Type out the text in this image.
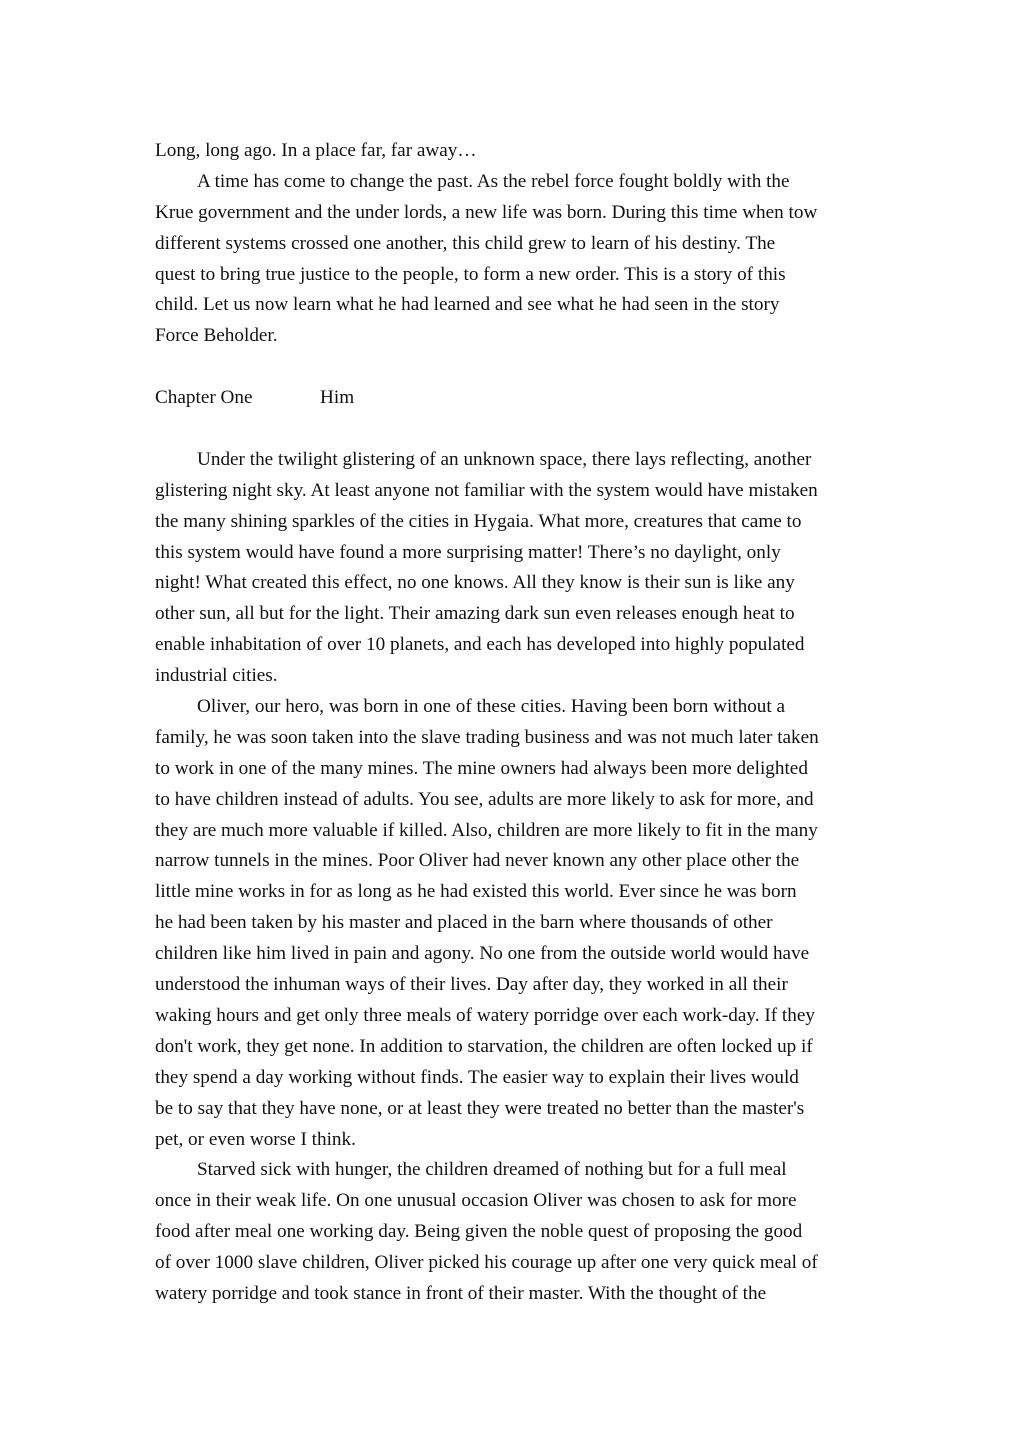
Long, long ago. In a place far, far away…
A time has come to change the past. As the rebel force fought boldly with the
Krue government and the under lords, a new life was born. During this time when tow
different systems crossed one another, this child grew to learn of his destiny. The
quest to bring true justice to the people, to form a new order. This is a story of this
child. Let us now learn what he had learned and see what he had seen in the story
Force Beholder.
Chapter One	Him
Under the twilight glistering of an unknown space, there lays reflecting, another
glistering night sky. At least anyone not familiar with the system would have mistaken
the many shining sparkles of the cities in Hygaia. What more, creatures that came to
this system would have found a more surprising matter! There’s no daylight, only
night! What created this effect, no one knows. All they know is their sun is like any
other sun, all but for the light. Their amazing dark sun even releases enough heat to
enable inhabitation of over 10 planets, and each has developed into highly populated
industrial cities.
Oliver, our hero, was born in one of these cities. Having been born without a
family, he was soon taken into the slave trading business and was not much later taken
to work in one of the many mines. The mine owners had always been more delighted
to have children instead of adults. You see, adults are more likely to ask for more, and
they are much more valuable if killed. Also, children are more likely to fit in the many
narrow tunnels in the mines. Poor Oliver had never known any other place other the
little mine works in for as long as he had existed this world. Ever since he was born
he had been taken by his master and placed in the barn where thousands of other
children like him lived in pain and agony. No one from the outside world would have
understood the inhuman ways of their lives. Day after day, they worked in all their
waking hours and get only three meals of watery porridge over each work-day. If they
don't work, they get none. In addition to starvation, the children are often locked up if
they spend a day working without finds. The easier way to explain their lives would
be to say that they have none, or at least they were treated no better than the master's
pet, or even worse I think.
Starved sick with hunger, the children dreamed of nothing but for a full meal
once in their weak life. On one unusual occasion Oliver was chosen to ask for more
food after meal one working day. Being given the noble quest of proposing the good
of over 1000 slave children, Oliver picked his courage up after one very quick meal of
watery porridge and took stance in front of their master. With the thought of the
